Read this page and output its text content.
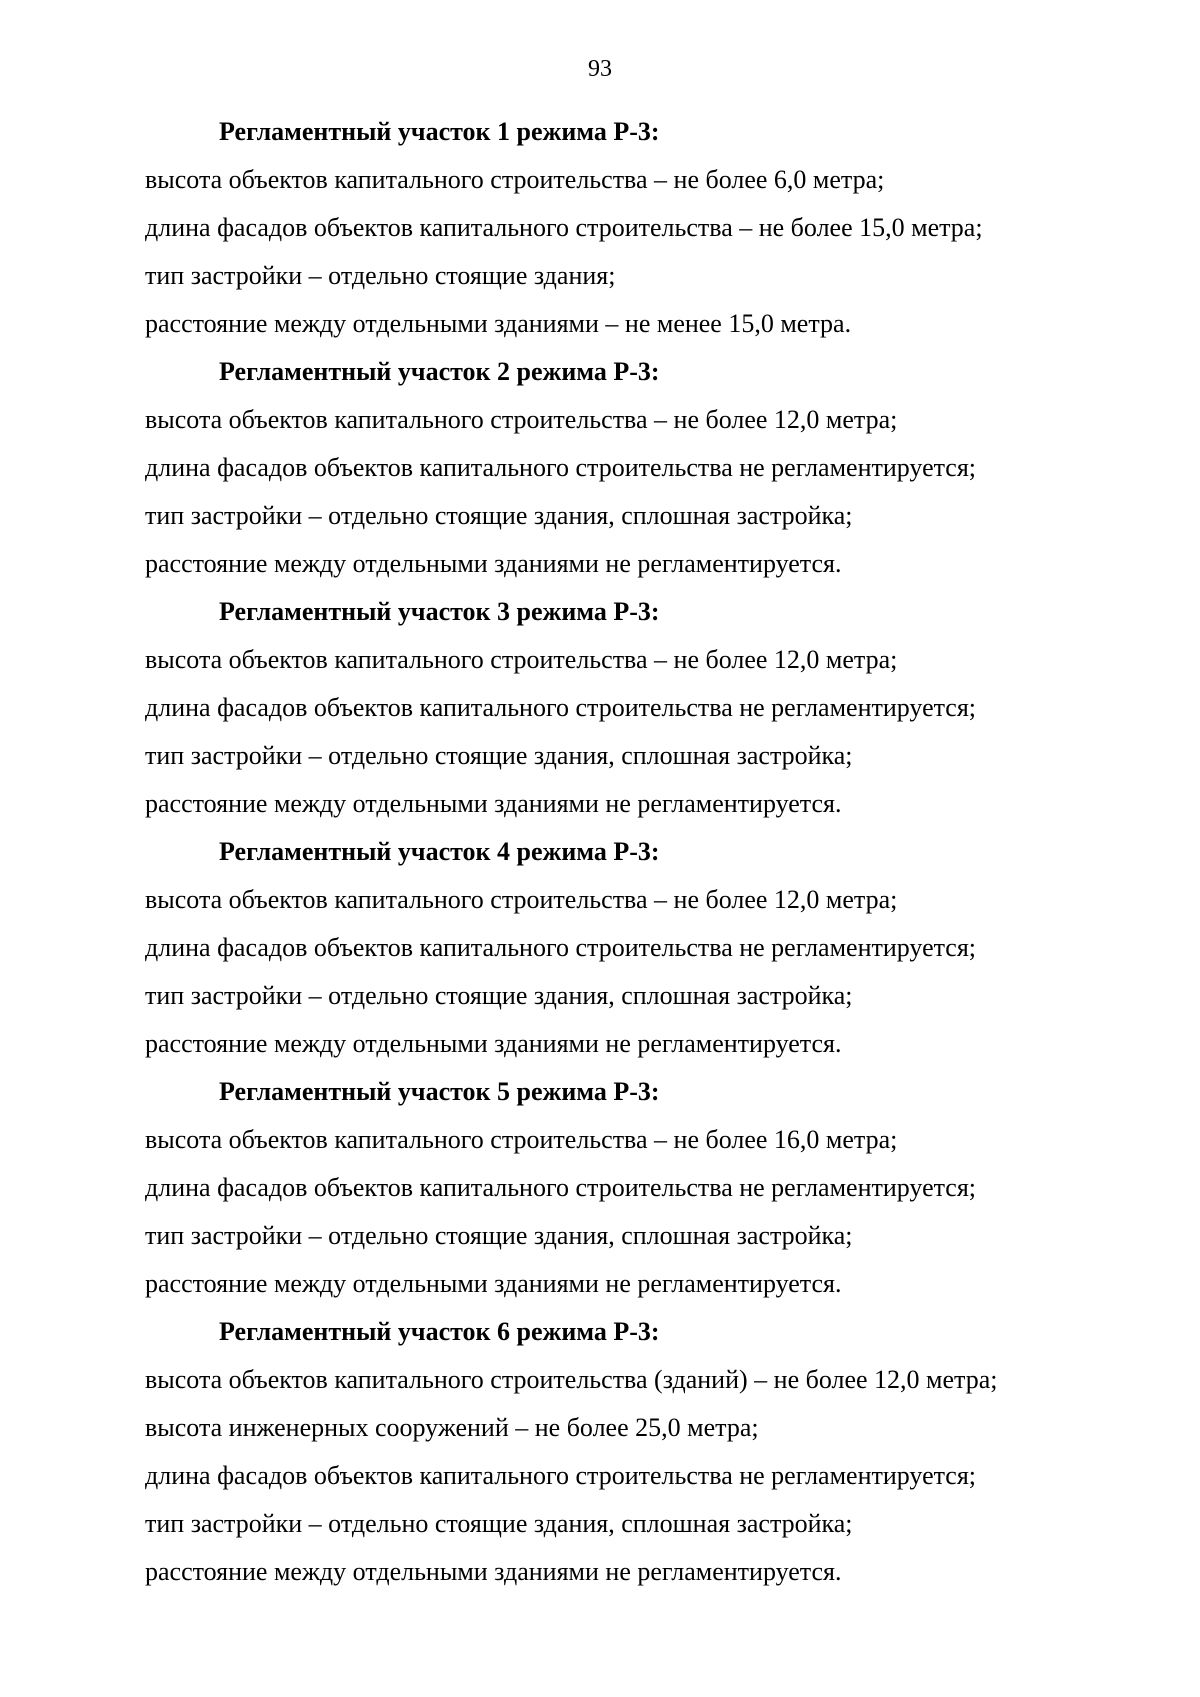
93
Регламентный участок 1 режима Р-3:
высота объектов капитального строительства – не более 6,0 метра;
длина фасадов объектов капитального строительства – не более 15,0 метра;
тип застройки – отдельно стоящие здания;
расстояние между отдельными зданиями – не менее 15,0 метра.
Регламентный участок 2 режима Р-3:
высота объектов капитального строительства – не более 12,0 метра;
длина фасадов объектов капитального строительства не регламентируется;
тип застройки – отдельно стоящие здания, сплошная застройка;
расстояние между отдельными зданиями не регламентируется.
Регламентный участок 3 режима Р-3:
высота объектов капитального строительства – не более 12,0 метра;
длина фасадов объектов капитального строительства не регламентируется;
тип застройки – отдельно стоящие здания, сплошная застройка;
расстояние между отдельными зданиями не регламентируется.
Регламентный участок 4 режима Р-3:
высота объектов капитального строительства – не более 12,0 метра;
длина фасадов объектов капитального строительства не регламентируется;
тип застройки – отдельно стоящие здания, сплошная застройка;
расстояние между отдельными зданиями не регламентируется.
Регламентный участок 5 режима Р-3:
высота объектов капитального строительства – не более 16,0 метра;
длина фасадов объектов капитального строительства не регламентируется;
тип застройки – отдельно стоящие здания, сплошная застройка;
расстояние между отдельными зданиями не регламентируется.
Регламентный участок 6 режима Р-3:
высота объектов капитального строительства (зданий) – не более 12,0 метра;
высота инженерных сооружений – не более 25,0 метра;
длина фасадов объектов капитального строительства не регламентируется;
тип застройки – отдельно стоящие здания, сплошная застройка;
расстояние между отдельными зданиями не регламентируется.
